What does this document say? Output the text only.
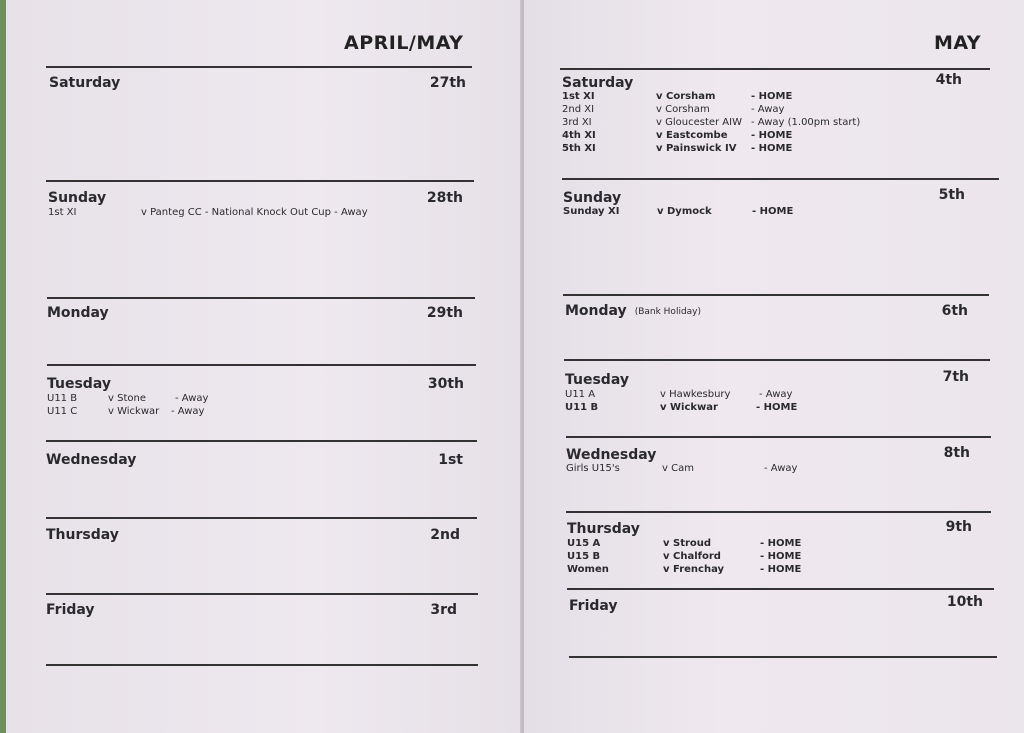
APRIL/MAY
Saturday	27th
Sunday	28th
1st XI	v Panteg CC - National Knock Out Cup - Away
Monday	29th
Tuesday	30th
U11 B	v Stone	- Away
U11 C	v Wickwar - Away
Wednesday	1st
Thursday	2nd
Friday	3rd
MAY
Saturday	4th
1st XI	v Corsham	- HOME
2nd XI	v Corsham	- Away
3rd XI	v Gloucester AIW - Away (1.00pm start)
4th XI	v Eastcombe - HOME
5th XI	v Painswick IV - HOME
Sunday	5th
Sunday XI	v Dymock	- HOME
Monday (Bank Holiday)	6th
Tuesday	7th
U11 A	v Hawkesbury	- Away
U11 B	v Wickwar	- HOME
Wednesday	8th
Girls U15's	v Cam	- Away
Thursday	9th
U15 A	v Stroud	- HOME
U15 B	v Chalford	- HOME
Women	v Frenchay	- HOME
Friday	10th
